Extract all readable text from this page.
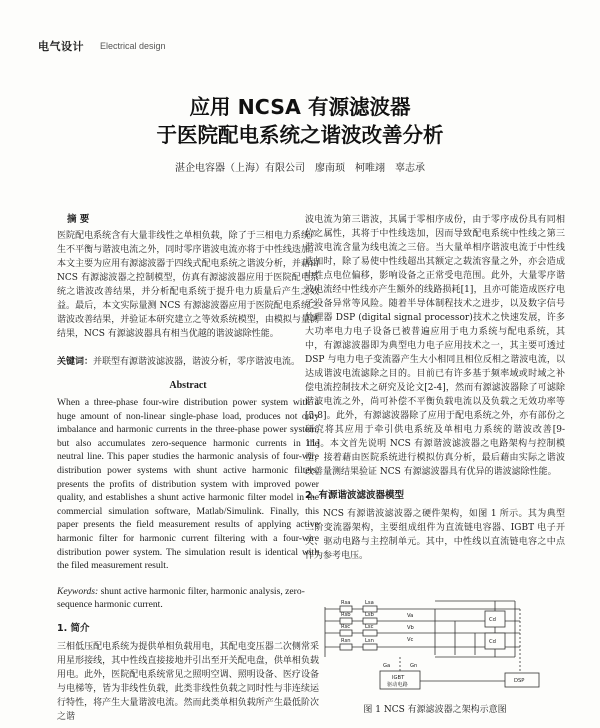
电气设计 Electrical design
应用 NCSA 有源滤波器
于医院配电系统之谐波改善分析
湛企电容器（上海）有限公司　廖南顼　柯唯翊　辜志承
摘 要

医院配电系统含有大量非线性之单相负载，除了于三相电力系统产生不平衡与谐波电流之外，同时零序谐波电流亦将于中性线迭加。本文主要为应用有源滤波器于四线式配电系统之谐波分析，并藉由 NCS 有源滤波器之控制模型，仿真有源滤波器应用于医院配电系统之谐波改善结果，并分析配电系统于提升电力质量后产生之效益。最后，本文实际量测 NCS 有源滤波器应用于医院配电系统之谐波改善结果，并验证本研究建立之等效系统模型，由模拟与量测结果，NCS 有源滤波器具有相当优越的谐波滤除性能。

关键词：并联型有源谐波滤波器，谐波分析，零序谐波电流。

Abstract

When a three-phase four-wire distribution power system with a huge amount of non-linear single-phase load, produces not only imbalance and harmonic currents in the three-phase power system, but also accumulates zero-sequence harmonic currents in the neutral line. This paper studies the harmonic analysis of four-wire distribution power systems with shunt active harmonic filters, presents the profits of distribution system with improved power quality, and establishes a shunt active harmonic filter model in the commercial simulation software, Matlab/Simulink. Finally, this paper presents the field measurement results of applying active harmonic filter for harmonic current filtering with a four-wire distribution power system. The simulation result is identical with the filed measurement result.

Keywords: shunt active harmonic filter, harmonic analysis, zero-sequence harmonic current.

1. 简介

三相低压配电系统为提供单相负载用电，其配电变压器二次侧常采用星形接线，其中性线直接接地并引出至开关配电盘，供单相负载用电。此外，医院配电系统常见之照明空调、照明设备、医疗设备与电梯等，皆为非线性负载，此类非线性负载之同时性与非连续运行特性，将产生大量谐波电流。然而此类单相负载所产生最低阶次之谐

波电流为第三谐波，其属于零相序成份，由于零序成份具有同相位之属性，其将于中性线迭加，因而导致配电系统中性线之第三谐波电流含量为线电流之三倍。当大量单相序谐波电流于中性线迭加时，除了易使中性线超出其额定之载流容量之外，亦会造成中性点电位偏移，影响设备之正常受电范围。此外，大量零序谐波电流经中性线亦产生额外的线路损耗[1]，且亦可能造成医疗电子设备异常等风险。随着半导体制程技术之进步，以及数字信号处理器 DSP (digital signal processor)技术之快速发展，许多大功率电力电子设备已被普遍应用于电力系统与配电系统，其中，有源滤波器即为典型电力电子应用技术之一，其主要可透过 DSP 与电力电子变流器产生大小相同且相位反相之谐波电流，以达成谐波电流滤除之目的。目前已有许多基于频率域或时域之补偿电流控制技术之研究及论文[2-4]，然而有源滤波器除了可滤除谐波电流之外，尚可补偿不平衡负载电流以及负载之无效功率等[5-8]。此外，有源滤波器除了应用于配电系统之外，亦有部份之研究将其应用于牵引供电系统及单相电力系统的谐波改善[9-11]。本文首先说明 NCS 有源谐波滤波器之电路架构与控制模型，接着藉由医院系统进行模拟仿真分析，最后藉由实际之谐波改善量测结果验证 NCS 有源滤波器具有优异的谐波滤除性能。

2. 有源谐波滤波器模型

NCS 有源谐波滤波器之硬件架构，如图 1 所示。其为典型二阶变流器架构，主要组成组件为直流链电容器、IGBT 电子开关、驱动电路与主控制单元。其中，中性线以直流链电容之中点作为参考电压。

Rsa	Lsa
Rsb	Lsb
Rsc	Lsc
Rsn	Lsn
Va
Vb
Vc
Ga	Gn
Cd
Cd
IGBT
驱动电路
DSP
图 1 NCS 有源滤波器之架构示意图
